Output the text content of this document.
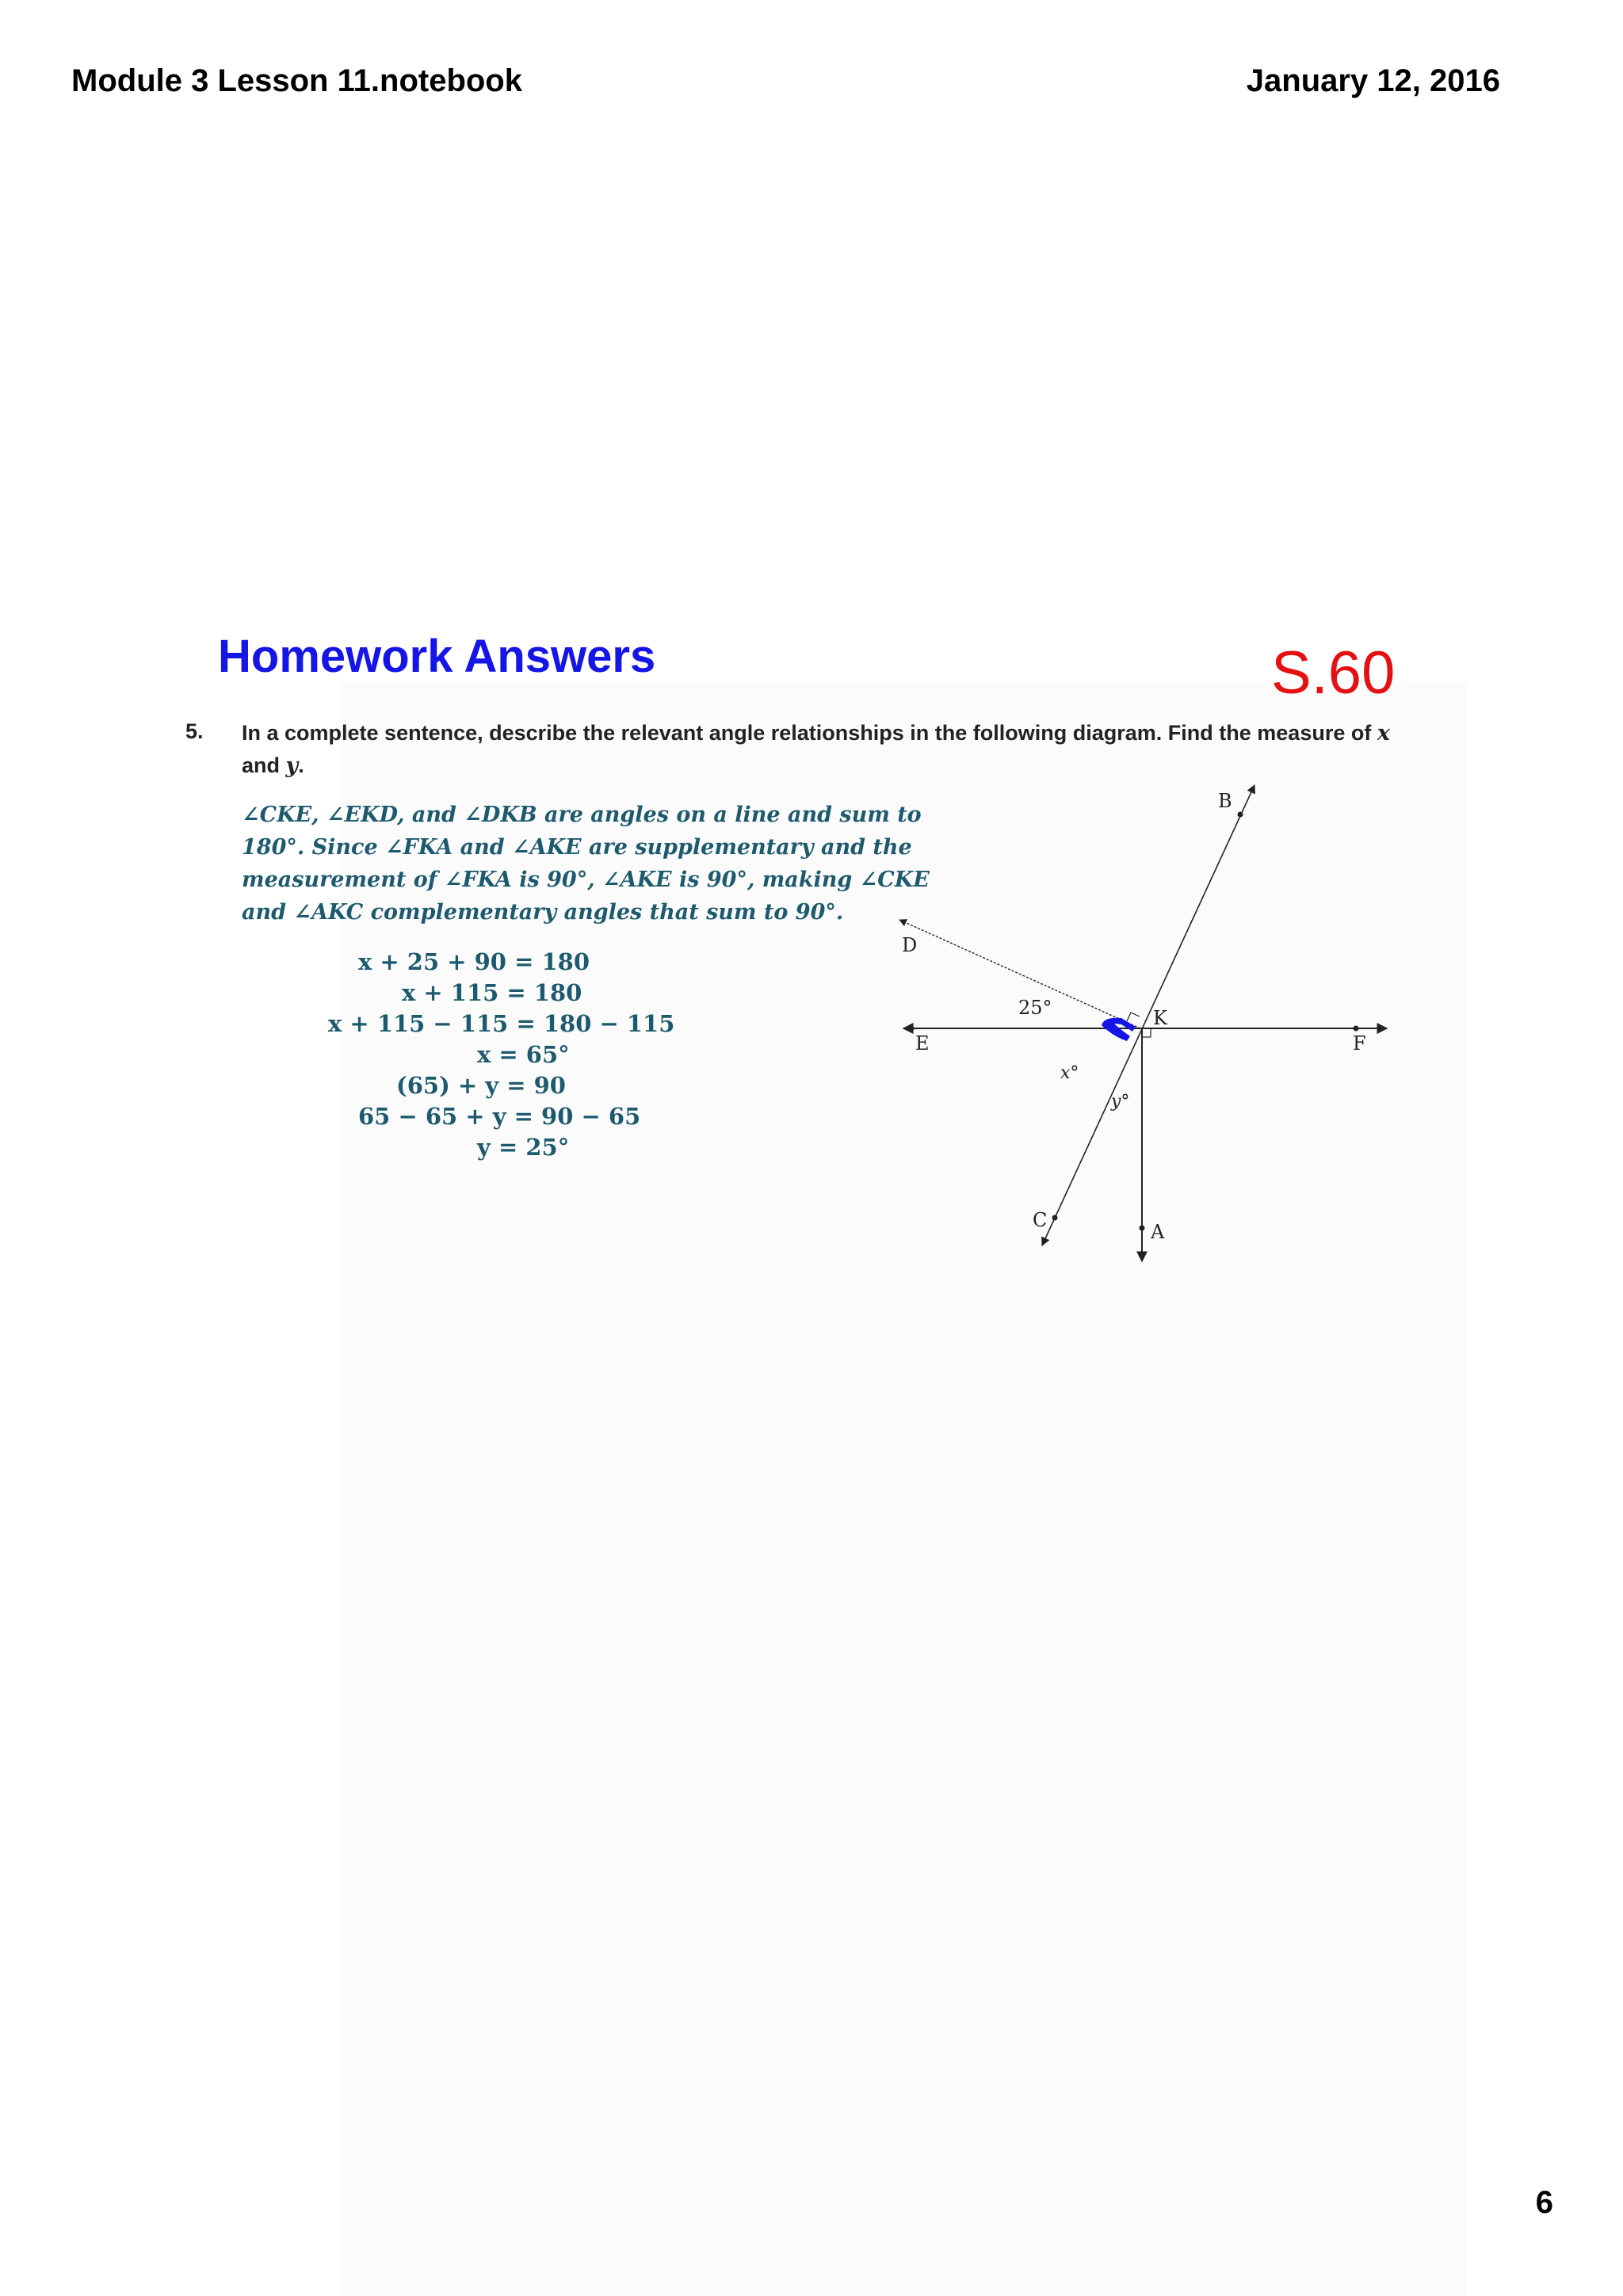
Module 3 Lesson 11.notebook	January 12, 2016
Homework Answers	S.60
5. In a complete sentence, describe the relevant angle relationships in the following diagram. Find the measure of x
and y.
∠CKE, ∠EKD, and ∠DKB are angles on a line and sum to
180°. Since ∠FKA and ∠AKE are supplementary and the
measurement of ∠FKA is 90°, ∠AKE is 90°, making ∠CKE
and ∠AKC complementary angles that sum to 90°.
x + 25 + 90 = 180
x + 115 = 180
x + 115 − 115 = 180 − 115
x = 65°
(65) + y = 90
65 − 65 + y = 90 − 65
y = 25°
B
D
K
E	F
C
A
25°
x°
y°
6
